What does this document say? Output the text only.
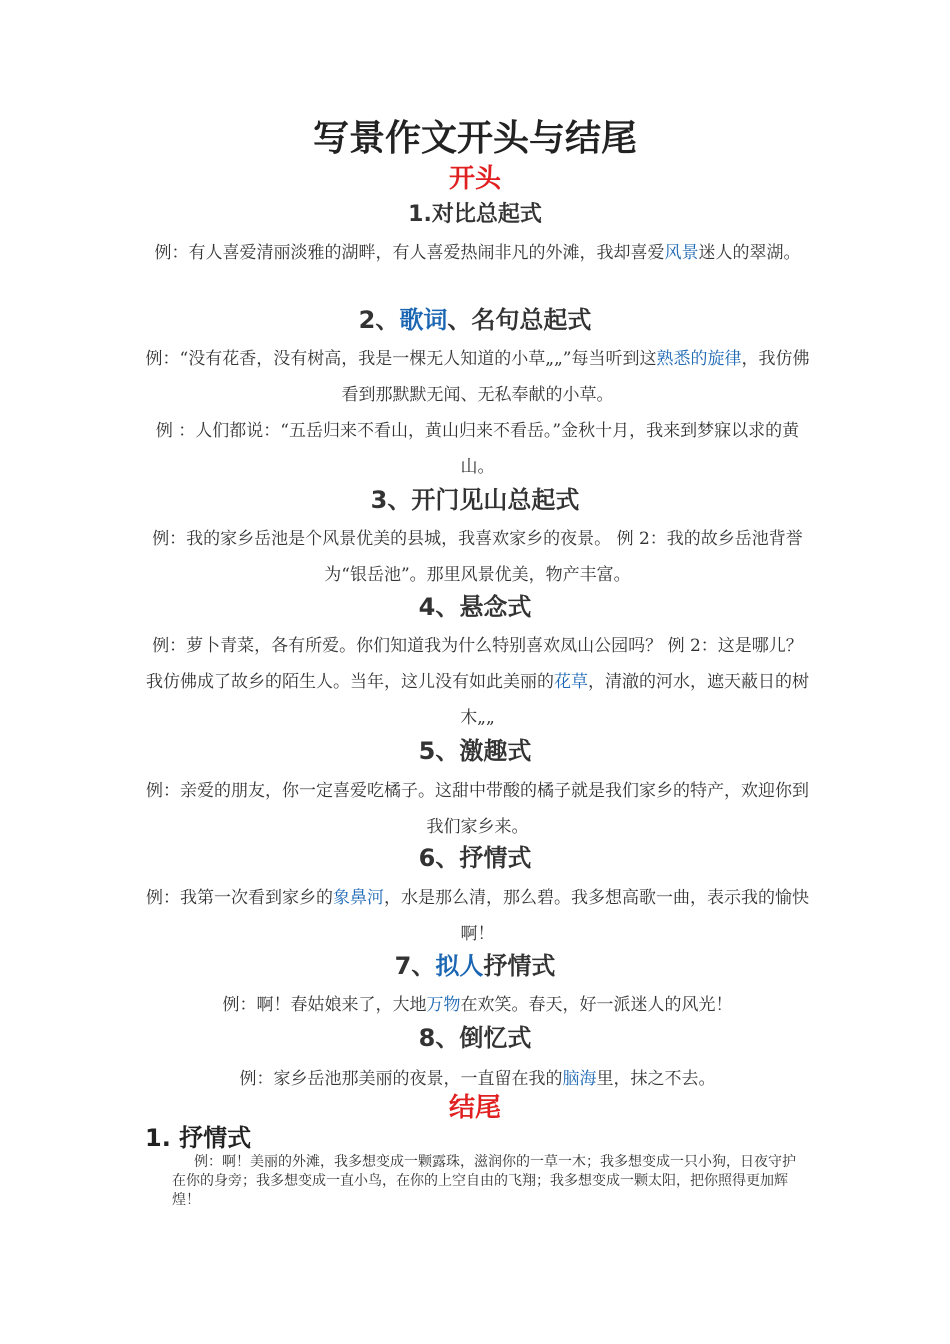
写景作文开头与结尾
开头
1.对比总起式

例：有人喜爱清丽淡雅的湖畔，有人喜爱热闹非凡的外滩，我却喜爱风景迷人的翠湖。

2、歌词、名句总起式

例：“没有花香，没有树高，我是一棵无人知道的小草„„”每当听到这熟悉的旋律，我仿佛看到那默默无闻、无私奉献的小草。

例 ：人们都说：“五岳归来不看山，黄山归来不看岳。”金秋十月，我来到梦寐以求的黄山。

3、开门见山总起式

例：我的家乡岳池是个风景优美的县城，我喜欢家乡的夜景。 例 2：我的故乡岳池背誉为“银岳池”。那里风景优美，物产丰富。

4、悬念式

例：萝卜青菜，各有所爱。你们知道我为什么特别喜欢凤山公园吗？ 例 2：这是哪儿？我仿佛成了故乡的陌生人。当年，这儿没有如此美丽的花草，清澈的河水，遮天蔽日的树木„„

5、激趣式

例：亲爱的朋友，你一定喜爱吃橘子。这甜中带酸的橘子就是我们家乡的特产，欢迎你到我们家乡来。

6、抒情式

例：我第一次看到家乡的象鼻河，水是那么清，那么碧。我多想高歌一曲，表示我的愉快啊！

7、拟人抒情式

例：啊！春姑娘来了，大地万物在欢笑。春天，好一派迷人的风光！

8、倒忆式

例：家乡岳池那美丽的夜景，一直留在我的脑海里，抹之不去。

结尾
1. 抒情式

例：啊！美丽的外滩，我多想变成一颗露珠，滋润你的一草一木；我多想变成一只小狗，日夜守护在你的身旁；我多想变成一直小鸟，在你的上空自由的飞翔；我多想变成一颗太阳，把你照得更加辉煌！
